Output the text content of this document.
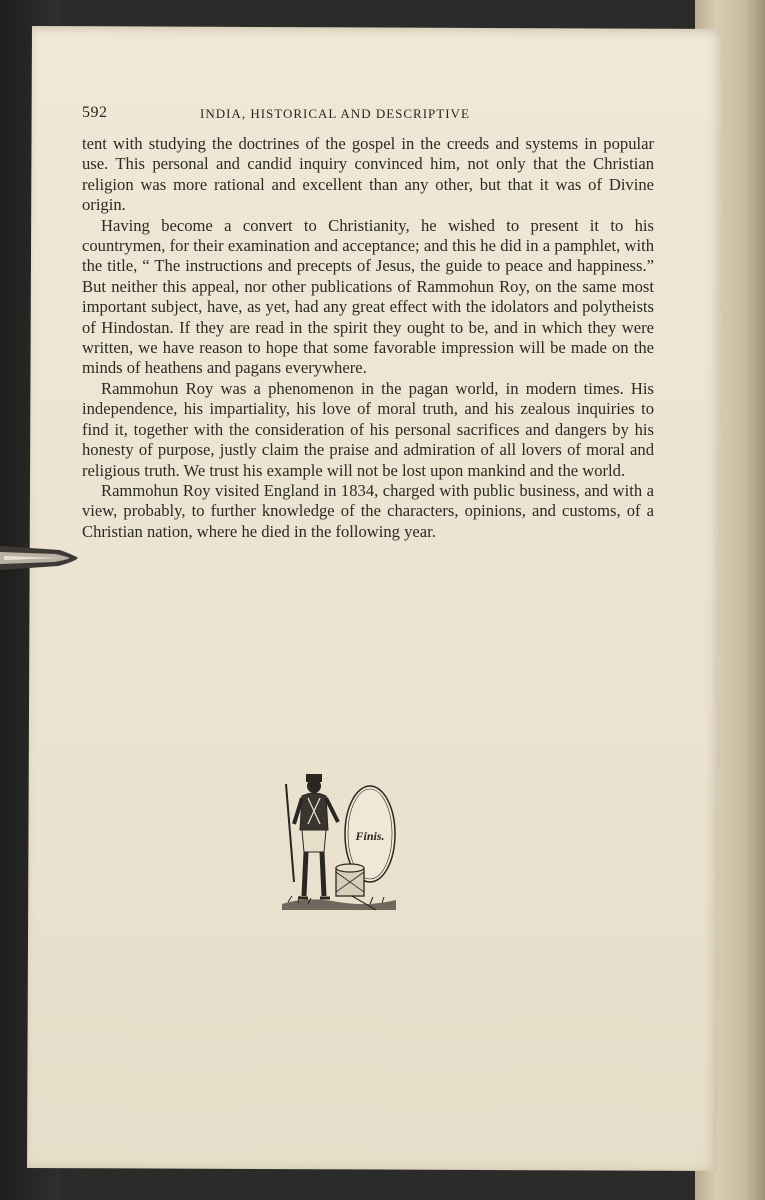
592	INDIA, HISTORICAL AND DESCRIPTIVE

tent with studying the doctrines of the gospel in the creeds and systems in popular use. This personal and candid inquiry convinced him, not only that the Christian religion was more rational and excellent than any other, but that it was of Divine origin.

Having become a convert to Christianity, he wished to present it to his countrymen, for their examination and acceptance; and this he did in a pamphlet, with the title, “ The instructions and precepts of Jesus, the guide to peace and happiness.” But neither this appeal, nor other publications of Rammohun Roy, on the same most important subject, have, as yet, had any great effect with the idolators and polytheists of Hindostan. If they are read in the spirit they ought to be, and in which they were written, we have reason to hope that some favorable impression will be made on the minds of heathens and pagans everywhere.

Rammohun Roy was a phenomenon in the pagan world, in modern times. His independence, his impartiality, his love of moral truth, and his zealous inquiries to find it, together with the consideration of his personal sacrifices and dangers by his honesty of purpose, justly claim the praise and admiration of all lovers of moral and religious truth. We trust his example will not be lost upon mankind and the world.

Rammohun Roy visited England in 1834, charged with public business, and with a view, probably, to further knowledge of the characters, opinions, and customs, of a Christian nation, where he died in the following year.

Finis.
